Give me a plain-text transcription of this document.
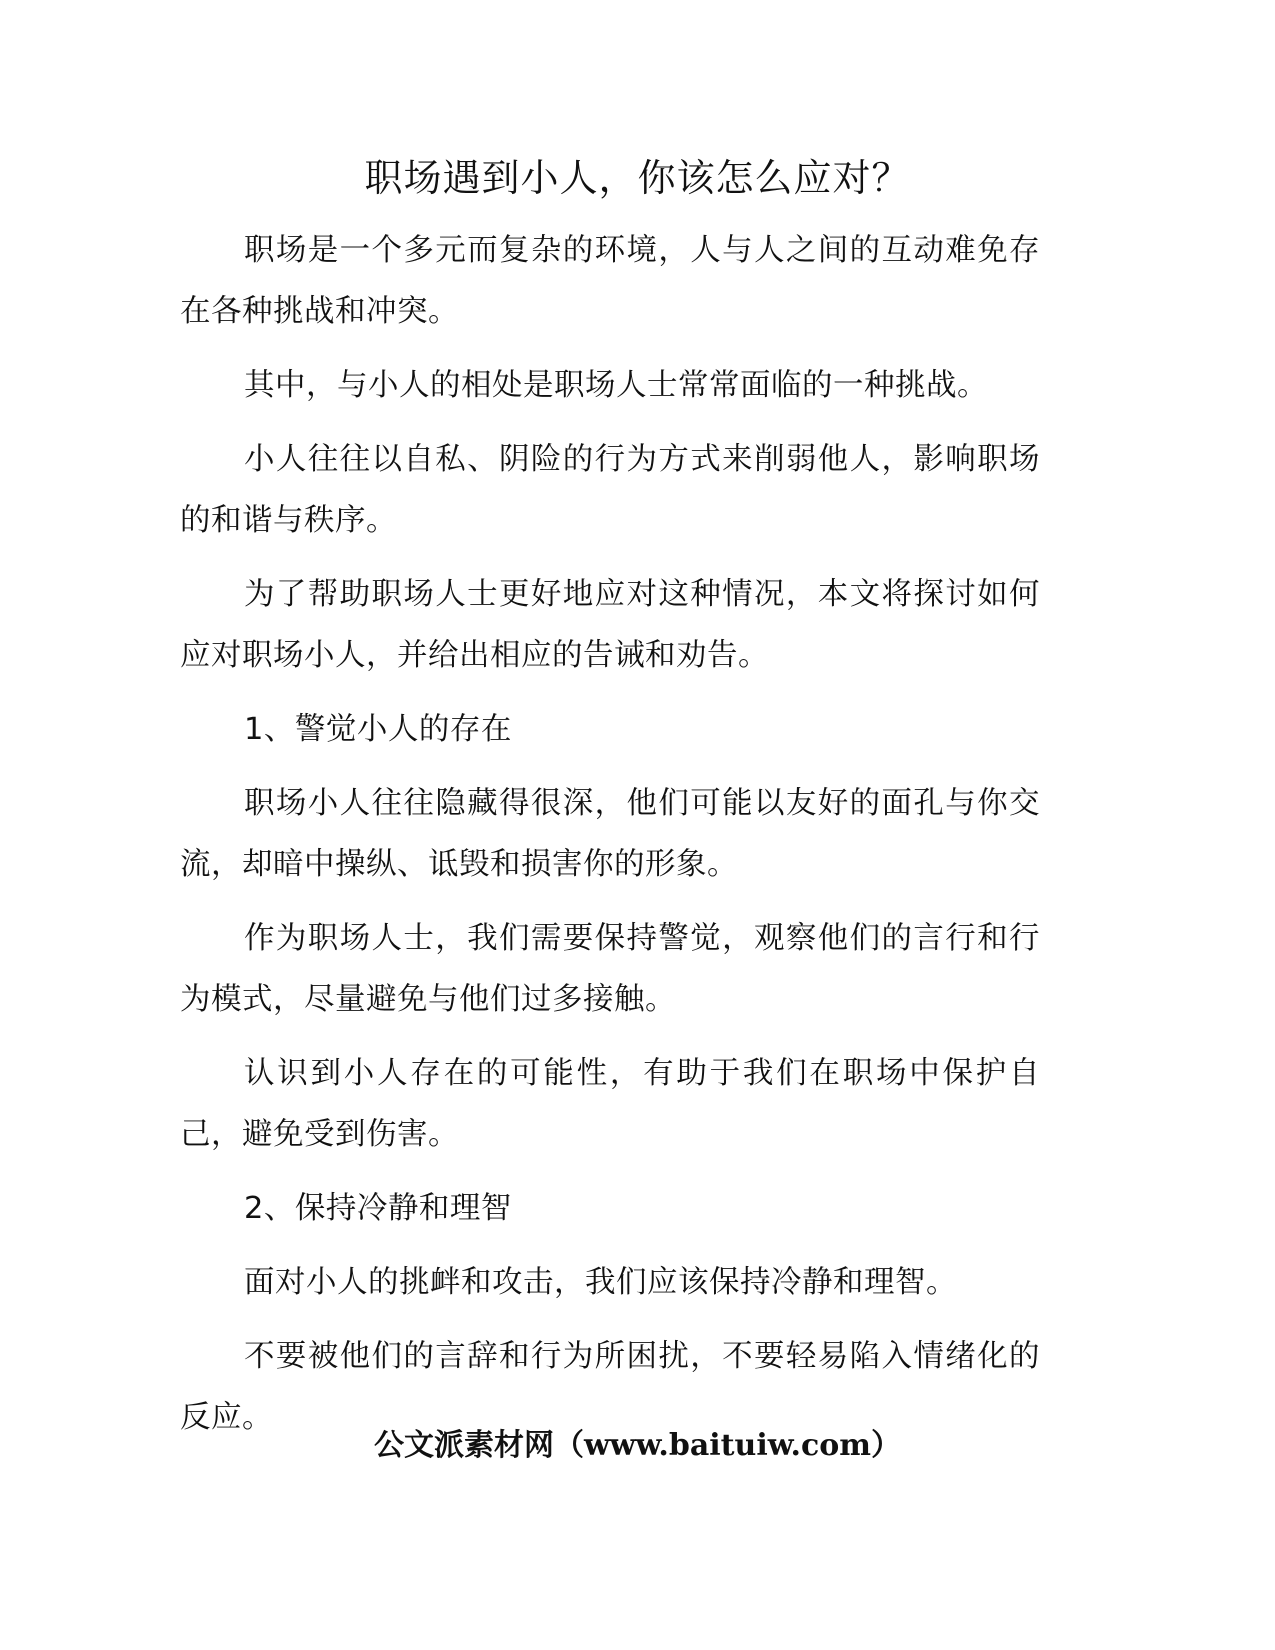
职场遇到小人，你该怎么应对？

职场是一个多元而复杂的环境，人与人之间的互动难免存在各种挑战和冲突。

其中，与小人的相处是职场人士常常面临的一种挑战。

小人往往以自私、阴险的行为方式来削弱他人，影响职场的和谐与秩序。

为了帮助职场人士更好地应对这种情况，本文将探讨如何应对职场小人，并给出相应的告诫和劝告。

1、警觉小人的存在

职场小人往往隐藏得很深，他们可能以友好的面孔与你交流，却暗中操纵、诋毁和损害你的形象。

作为职场人士，我们需要保持警觉，观察他们的言行和行为模式，尽量避免与他们过多接触。

认识到小人存在的可能性，有助于我们在职场中保护自己，避免受到伤害。

2、保持冷静和理智

面对小人的挑衅和攻击，我们应该保持冷静和理智。

不要被他们的言辞和行为所困扰，不要轻易陷入情绪化的反应。

公文派素材网（www.baituiw.com）
